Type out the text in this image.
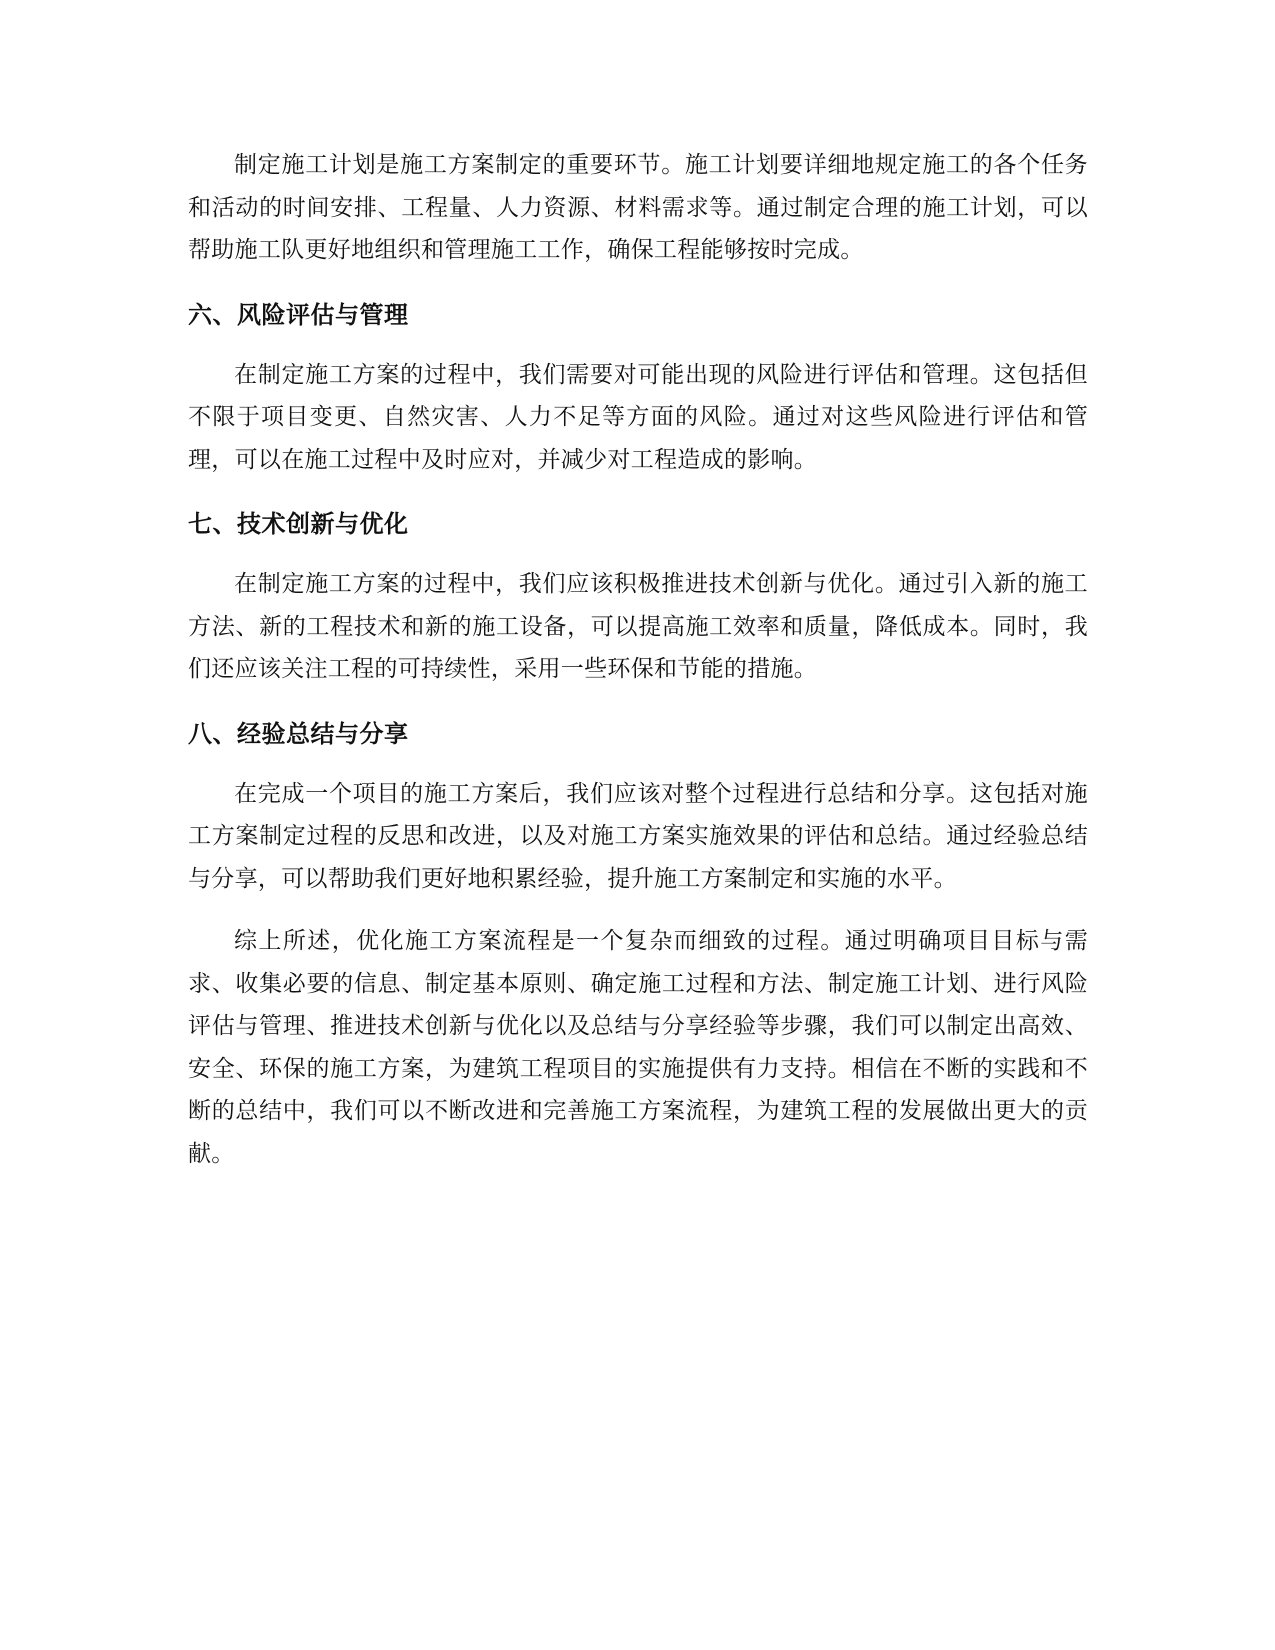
制定施工计划是施工方案制定的重要环节。施工计划要详细地规定施工的各个任务和活动的时间安排、工程量、人力资源、材料需求等。通过制定合理的施工计划，可以帮助施工队更好地组织和管理施工工作，确保工程能够按时完成。

六、风险评估与管理

在制定施工方案的过程中，我们需要对可能出现的风险进行评估和管理。这包括但不限于项目变更、自然灾害、人力不足等方面的风险。通过对这些风险进行评估和管理，可以在施工过程中及时应对，并减少对工程造成的影响。

七、技术创新与优化

在制定施工方案的过程中，我们应该积极推进技术创新与优化。通过引入新的施工方法、新的工程技术和新的施工设备，可以提高施工效率和质量，降低成本。同时，我们还应该关注工程的可持续性，采用一些环保和节能的措施。

八、经验总结与分享

在完成一个项目的施工方案后，我们应该对整个过程进行总结和分享。这包括对施工方案制定过程的反思和改进，以及对施工方案实施效果的评估和总结。通过经验总结与分享，可以帮助我们更好地积累经验，提升施工方案制定和实施的水平。

综上所述，优化施工方案流程是一个复杂而细致的过程。通过明确项目目标与需求、收集必要的信息、制定基本原则、确定施工过程和方法、制定施工计划、进行风险评估与管理、推进技术创新与优化以及总结与分享经验等步骤，我们可以制定出高效、安全、环保的施工方案，为建筑工程项目的实施提供有力支持。相信在不断的实践和不断的总结中，我们可以不断改进和完善施工方案流程，为建筑工程的发展做出更大的贡献。
